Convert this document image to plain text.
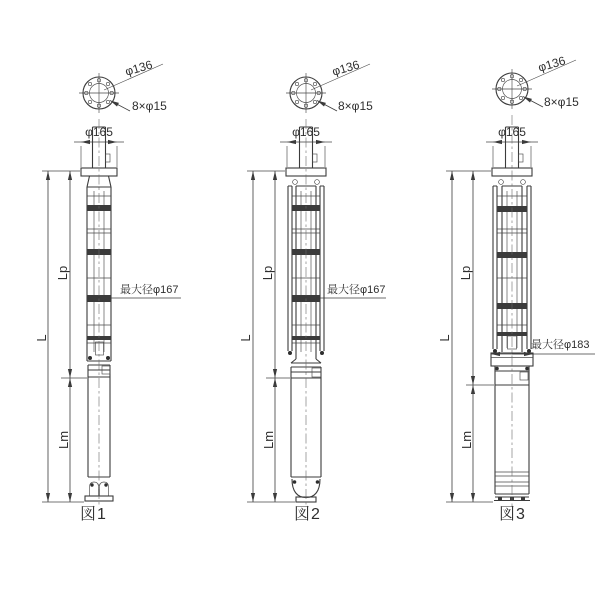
φ136
8×φ15
φ165
L
Lp
Lm
最大径φ167
図1
φ136
8×φ15
φ165
L
Lp
Lm
最大径φ167
図2
φ136
8×φ15
φ165
L
Lp
Lm
最大径φ183
図3
